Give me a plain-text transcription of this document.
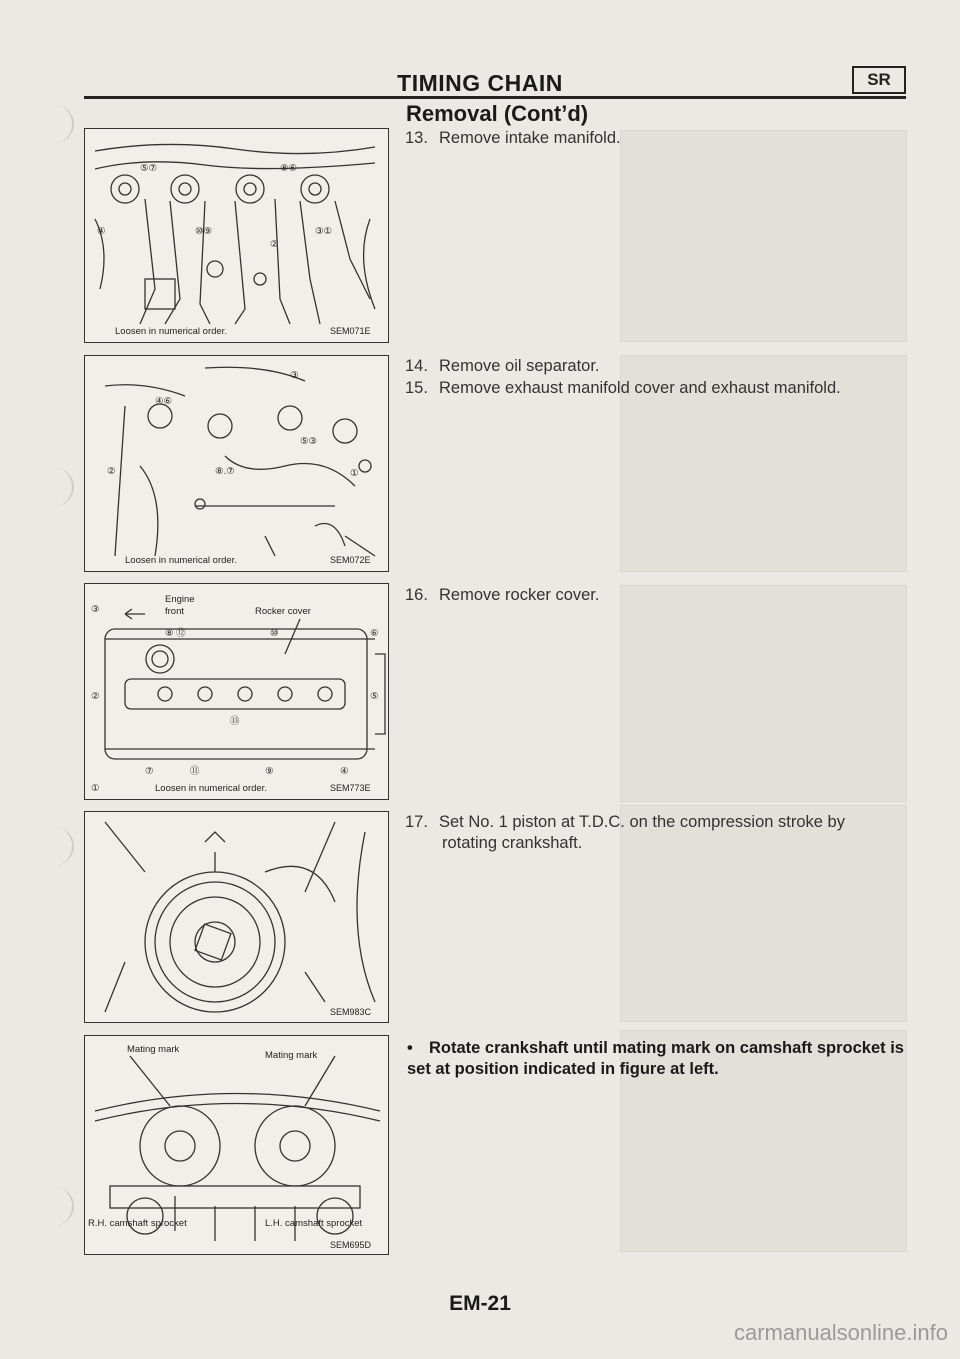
TIMING CHAIN	SR
Removal (Cont’d)
⑤⑦	⑧⑥
④	⑩⑨	③①
②
Loosen in numerical order.	SEM071E
③
④⑥
⑤③
②	⑧.⑦	①
Loosen in numerical order.	SEM072E
Engine
front	Rocker cover
③
⑧ ⑫	⑩	⑥
②	⑤
⑬
⑦	⑪	⑨	④
①	Loosen in numerical order.	SEM773E
SEM983C
Mating mark
Mating mark
R.H. camshaft sprocket	L.H. camshaft sprocket
SEM695D
13. Remove intake manifold.
14. Remove oil separator.
15. Remove exhaust manifold cover and exhaust manifold.
16. Remove rocker cover.
17. Set No. 1 piston at T.D.C. on the compression stroke by
rotating crankshaft.
• Rotate crankshaft until mating mark on camshaft sprocket is set at position indicated in figure at left.
EM-21
carmanualsonline.info
